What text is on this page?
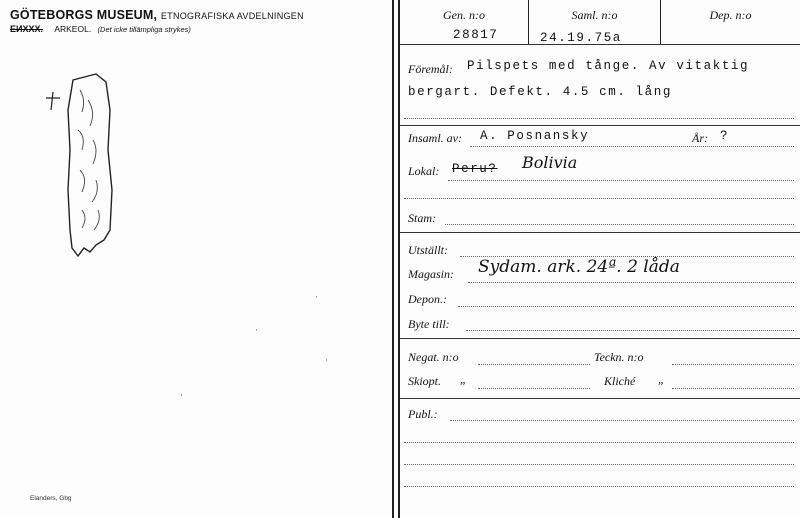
GÖTEBORGS MUSEUM, ETNOGRAFISKA AVDELNINGEN
ЕИXXX. ARKEOL. (Det icke tillämpliga strykes)
·
·
·
·
Elanders, Gbg
Gen. n:o	Saml. n:o	Dep. n:o
28817	24.19.75a
Föremål: Pilspets med tånge. Av vitaktig
bergart. Defekt. 4.5 cm. lång
Insaml. av: A. Posnansky	År: ?
Lokal: Peru? Bolivia
Stam:
Utställt:
Magasin: Sydam. ark. 24ª. 2 låda
Depon.:
Byte till:
Negat. n:o	Teckn. n:o
Skiopt. „	Kliché „
Publ.:
